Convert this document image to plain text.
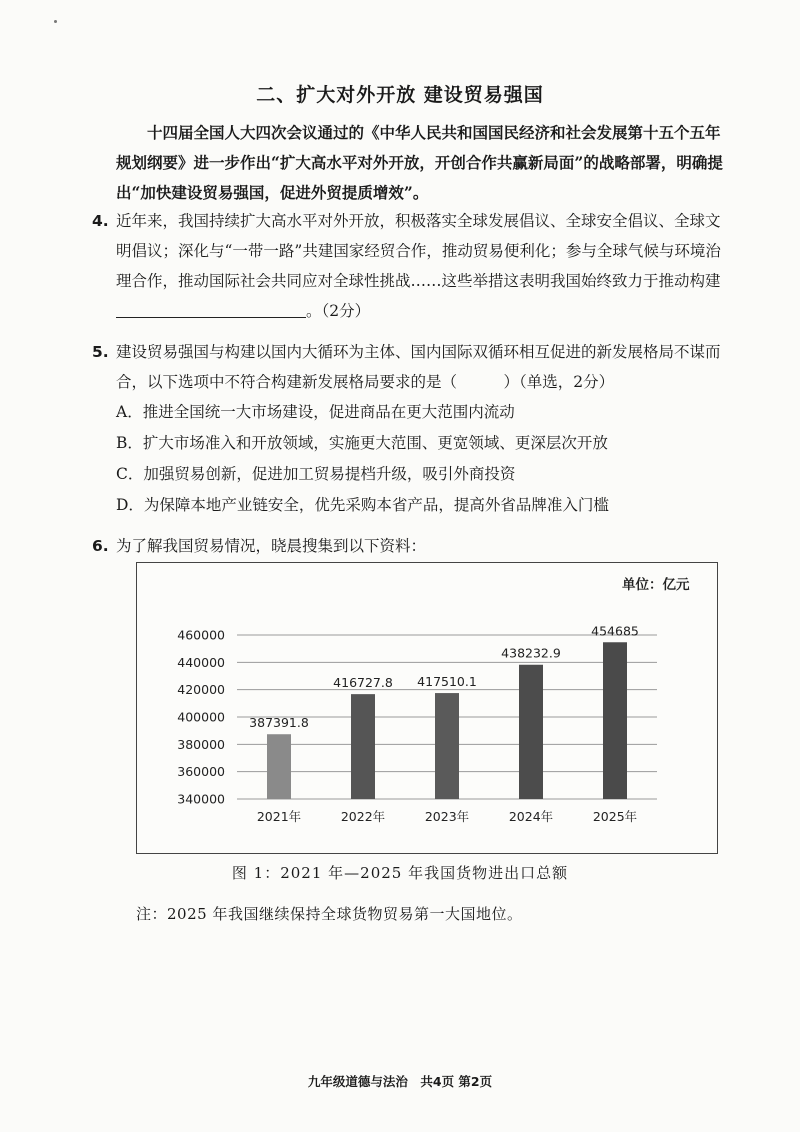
二、扩大对外开放 建设贸易强国
十四届全国人大四次会议通过的《中华人民共和国国民经济和社会发展第十五个五年规划纲要》进一步作出“扩大高水平对外开放，开创合作共赢新局面”的战略部署，明确提出“加快建设贸易强国，促进外贸提质增效”。
4. 近年来，我国持续扩大高水平对外开放，积极落实全球发展倡议、全球安全倡议、全球文明倡议；深化与“一带一路”共建国家经贸合作，推动贸易便利化；参与全球气候与环境治理合作，推动国际社会共同应对全球性挑战……这些举措这表明我国始终致力于推动构建。（2分）
5. 建设贸易强国与构建以国内大循环为主体、国内国际双循环相互促进的新发展格局不谋而合，以下选项中不符合构建新发展格局要求的是（　　　）（单选，2分）
A．推进全国统一大市场建设，促进商品在更大范围内流动
B．扩大市场准入和开放领域，实施更大范围、更宽领域、更深层次开放
C．加强贸易创新，促进加工贸易提档升级，吸引外商投资
D．为保障本地产业链安全，优先采购本省产品，提高外省品牌准入门槛
6. 为了解我国贸易情况，晓晨搜集到以下资料：
单位：亿元
340000
360000
380000
400000
420000
440000
460000
387391.8
2021年
416727.8
2022年
417510.1
2023年
438232.9
2024年
454685
2025年
图 1：2021 年—2025 年我国货物进出口总额
注：2025 年我国继续保持全球货物贸易第一大国地位。
九年级道德与法治　共4页 第2页
